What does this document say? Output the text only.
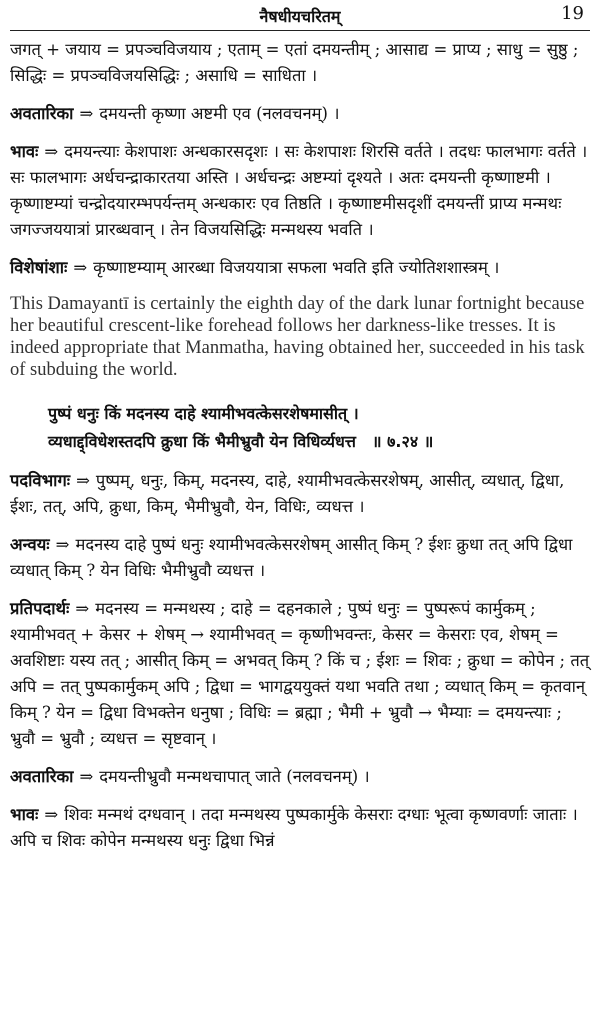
नैषधीयचरितम्	19

जगत् + जयाय = प्रपञ्चविजयाय ; एताम् = एतां दमयन्तीम् ; आसाद्य = प्राप्य ; साधु = सुष्ठु ; सिद्धिः = प्रपञ्चविजयसिद्धिः ; असाधि = साधिता ।

अवतारिका ⇒ दमयन्ती कृष्णा अष्टमी एव (नलवचनम्) ।

भावः ⇒ दमयन्त्याः केशपाशः अन्धकारसदृशः । सः केशपाशः शिरसि वर्तते । तदधः फालभागः वर्तते । सः फालभागः अर्धचन्द्राकारतया अस्ति । अर्धचन्द्रः अष्टम्यां दृश्यते । अतः दमयन्ती कृष्णाष्टमी । कृष्णाष्टम्यां चन्द्रोदयारम्भपर्यन्तम् अन्धकारः एव तिष्ठति । कृष्णाष्टमीसदृशीं दमयन्तीं प्राप्य मन्मथः जगज्जययात्रां प्रारब्धवान् । तेन विजयसिद्धिः मन्मथस्य भवति ।

विशेषांशाः ⇒ कृष्णाष्टम्याम् आरब्धा विजययात्रा सफला भवति इति ज्योतिशशास्त्रम् ।

This Damayantī is certainly the eighth day of the dark lunar fortnight because her beautiful crescent-like forehead follows her darkness-like tresses. It is indeed appropriate that Manmatha, having obtained her, succeeded in his task of subduing the world.

पुष्पं धनुः किं मदनस्य दाहे श्यामीभवत्केसरशेषमासीत् ।
व्यधाद्द्विधेशस्तदपि क्रुधा किं भैमीभ्रुवौ येन विधिर्व्यधत्त ॥ ७.२४ ॥

पदविभागः ⇒ पुष्पम्, धनुः, किम्, मदनस्य, दाहे, श्यामीभवत्केसरशेषम्, आसीत्, व्यधात्, द्विधा, ईशः, तत्, अपि, क्रुधा, किम्, भैमीभ्रुवौ, येन, विधिः, व्यधत्त ।

अन्वयः ⇒ मदनस्य दाहे पुष्पं धनुः श्यामीभवत्केसरशेषम् आसीत् किम् ? ईशः क्रुधा तत् अपि द्विधा व्यधात् किम् ? येन विधिः भैमीभ्रुवौ व्यधत्त ।

प्रतिपदार्थः ⇒ मदनस्य = मन्मथस्य ; दाहे = दहनकाले ; पुष्पं धनुः = पुष्परूपं कार्मुकम् ; श्यामीभवत् + केसर + शेषम् → श्यामीभवत् = कृष्णीभवन्तः, केसर = केसराः एव, शेषम् = अवशिष्टाः यस्य तत् ; आसीत् किम् = अभवत् किम् ? किं च ; ईशः = शिवः ; क्रुधा = कोपेन ; तत् अपि = तत् पुष्पकार्मुकम् अपि ; द्विधा = भागद्वययुक्तं यथा भवति तथा ; व्यधात् किम् = कृतवान् किम् ? येन = द्विधा विभक्तेन धनुषा ; विधिः = ब्रह्मा ; भैमी + भ्रुवौ → भैम्याः = दमयन्त्याः ; भ्रुवौ = भ्रुवौ ; व्यधत्त = सृष्टवान् ।

अवतारिका ⇒ दमयन्तीभ्रुवौ मन्मथचापात् जाते (नलवचनम्) ।

भावः ⇒ शिवः मन्मथं दग्धवान् । तदा मन्मथस्य पुष्पकार्मुके केसराः दग्धाः भूत्वा कृष्णवर्णाः जाताः । अपि च शिवः कोपेन मन्मथस्य धनुः द्विधा भिन्नं
